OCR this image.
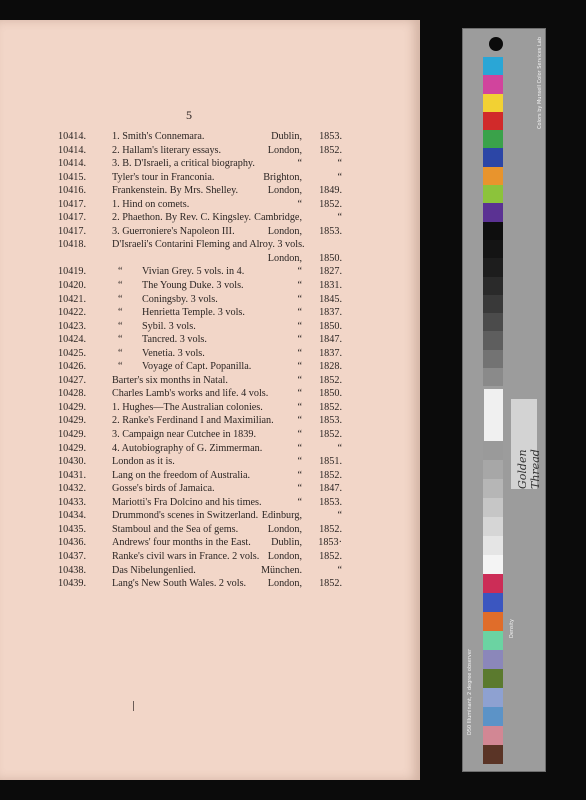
5
10414.	1. Smith's Connemara.	Dublin,	1853.
10414.	2. Hallam's literary essays.	London,	1852.
10414.	3. B. D'Israeli, a critical biography.	“	“
10415.	Tyler's tour in Franconia.	Brighton,	“
10416.	Frankenstein. By Mrs. Shelley.	London,	1849.
10417.	1. Hind on comets.	“	1852.
10417.	2. Phaethon. By Rev. C. Kingsley. Cambridge,	“
10417.	3. Guerroniere's Napoleon III.	London,	1853.
10418.	D'Israeli's Contarini Fleming and Alroy. 3 vols.
London,	1850.
10419.	“ Vivian Grey. 5 vols. in 4.	“	1827.
10420.	“ The Young Duke. 3 vols.	“	1831.
10421.	“ Coningsby. 3 vols.	“	1845.
10422.	“ Henrietta Temple. 3 vols.	“	1837.
10423.	“ Sybil. 3 vols.	“	1850.
10424.	“ Tancred. 3 vols.	“	1847.
10425.	“ Venetia. 3 vols.	“	1837.
10426.	“ Voyage of Capt. Popanilla.	“	1828.
10427.	Barter's six months in Natal.	“	1852.
10428.	Charles Lamb's works and life. 4 vols.	“	1850.
10429.	1. Hughes—The Australian colonies.	“	1852.
10429.	2. Ranke's Ferdinand I and Maximilian. “	1853.
10429.	3. Campaign near Cutchee in 1839.	“	1852.
10429.	4. Autobiography of G. Zimmerman.	“	“
10430.	London as it is.	“	1851.
10431.	Lang on the freedom of Australia.	“	1852.
10432.	Gosse's birds of Jamaica.	“	1847.
10433.	Mariotti's Fra Dolcino and his times.	“	1853.
10434.	Drummond's scenes in Switzerland. Edinburg,	“
10435.	Stamboul and the Sea of gems.	London,	1852.
10436.	Andrews' four months in the East. Dublin,	1853·
10437.	Ranke's civil wars in France. 2 vols. London,	1852.
10438.	Das Nibelungenlied.	München.	“
10439.	Lang's New South Wales. 2 vols. London,	1852.
Golden Thread
Colors by Munsell Color Services Lab
Density
D50 Illuminant, 2 degree observer
